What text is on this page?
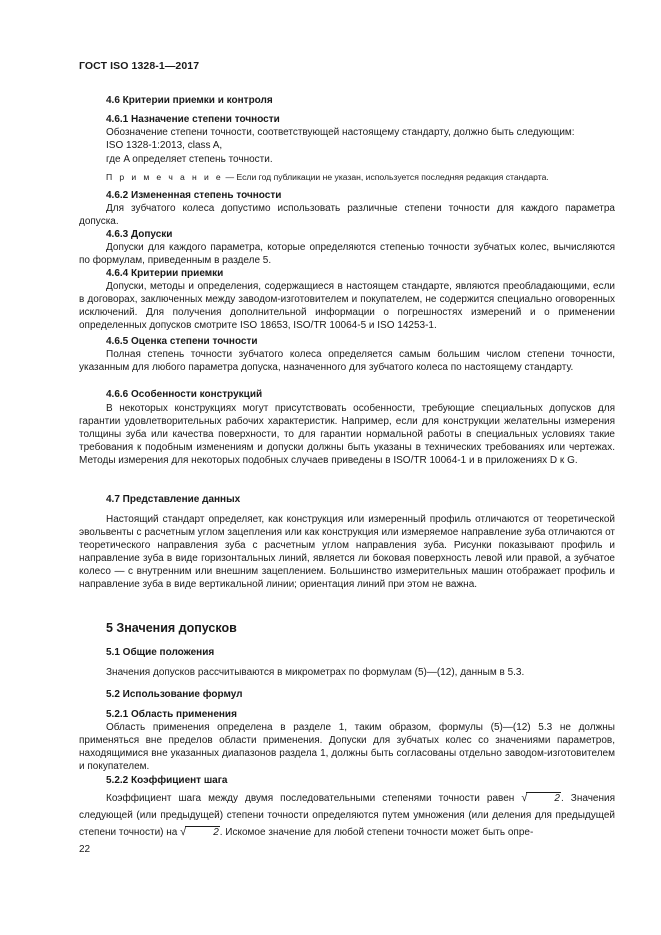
ГОСТ ISO 1328-1—2017
4.6 Критерии приемки и контроля
4.6.1 Назначение степени точности
Обозначение степени точности, соответствующей настоящему стандарту, должно быть следующим:
ISO 1328-1:2013, class A,
где A определяет степень точности.
П р и м е ч а н и е — Если год публикации не указан, используется последняя редакция стандарта.
4.6.2 Измененная степень точности
Для зубчатого колеса допустимо использовать различные степени точности для каждого параметра допуска.
4.6.3 Допуски
Допуски для каждого параметра, которые определяются степенью точности зубчатых колес, вычисляются по формулам, приведенным в разделе 5.
4.6.4 Критерии приемки
Допуски, методы и определения, содержащиеся в настоящем стандарте, являются преобладающими, если в договорах, заключенных между заводом-изготовителем и покупателем, не содержится специально оговоренных исключений. Для получения дополнительной информации о погрешностях измерений и о применении определенных допусков смотрите ISO 18653, ISO/TR 10064-5 и ISO 14253-1.
4.6.5 Оценка степени точности
Полная степень точности зубчатого колеса определяется самым большим числом степени точности, указанным для любого параметра допуска, назначенного для зубчатого колеса по настоящему стандарту.
4.6.6 Особенности конструкций
В некоторых конструкциях могут присутствовать особенности, требующие специальных допусков для гарантии удовлетворительных рабочих характеристик. Например, если для конструкции желательны измерения толщины зуба или качества поверхности, то для гарантии нормальной работы в специальных условиях такие требования к подобным изменениям и допуски должны быть указаны в технических требованиях или чертежах. Методы измерения для некоторых подобных случаев приведены в ISO/TR 10064-1 и в приложениях D к G.
4.7 Представление данных
Настоящий стандарт определяет, как конструкция или измеренный профиль отличаются от теоретической эвольвенты с расчетным углом зацепления или как конструкция или измеряемое направление зуба отличаются от теоретического направления зуба с расчетным углом направления зуба. Рисунки показывают профиль и направление зуба в виде горизонтальных линий, является ли боковая поверхность левой или правой, а зубчатое колесо — с внутренним или внешним зацеплением. Большинство измерительных машин отображает профиль и направление зуба в виде вертикальной линии; ориентация линий при этом не важна.
5 Значения допусков
5.1 Общие положения
Значения допусков рассчитываются в микрометрах по формулам (5)—(12), данным в 5.3.
5.2 Использование формул
5.2.1 Область применения
Область применения определена в разделе 1, таким образом, формулы (5)—(12) 5.3 не должны применяться вне пределов области применения. Допуски для зубчатых колес со значениями параметров, находящимися вне указанных диапазонов раздела 1, должны быть согласованы отдельно заводом-изготовителем и покупателем.
5.2.2 Коэффициент шага
Коэффициент шага между двумя последовательными степенями точности равен √	2. Значения следующей (или предыдущей) степени точности определяются путем умножения (или деления для предыдущей степени точности) на √	2. Искомое значение для любой степени точности может быть опре-
22
